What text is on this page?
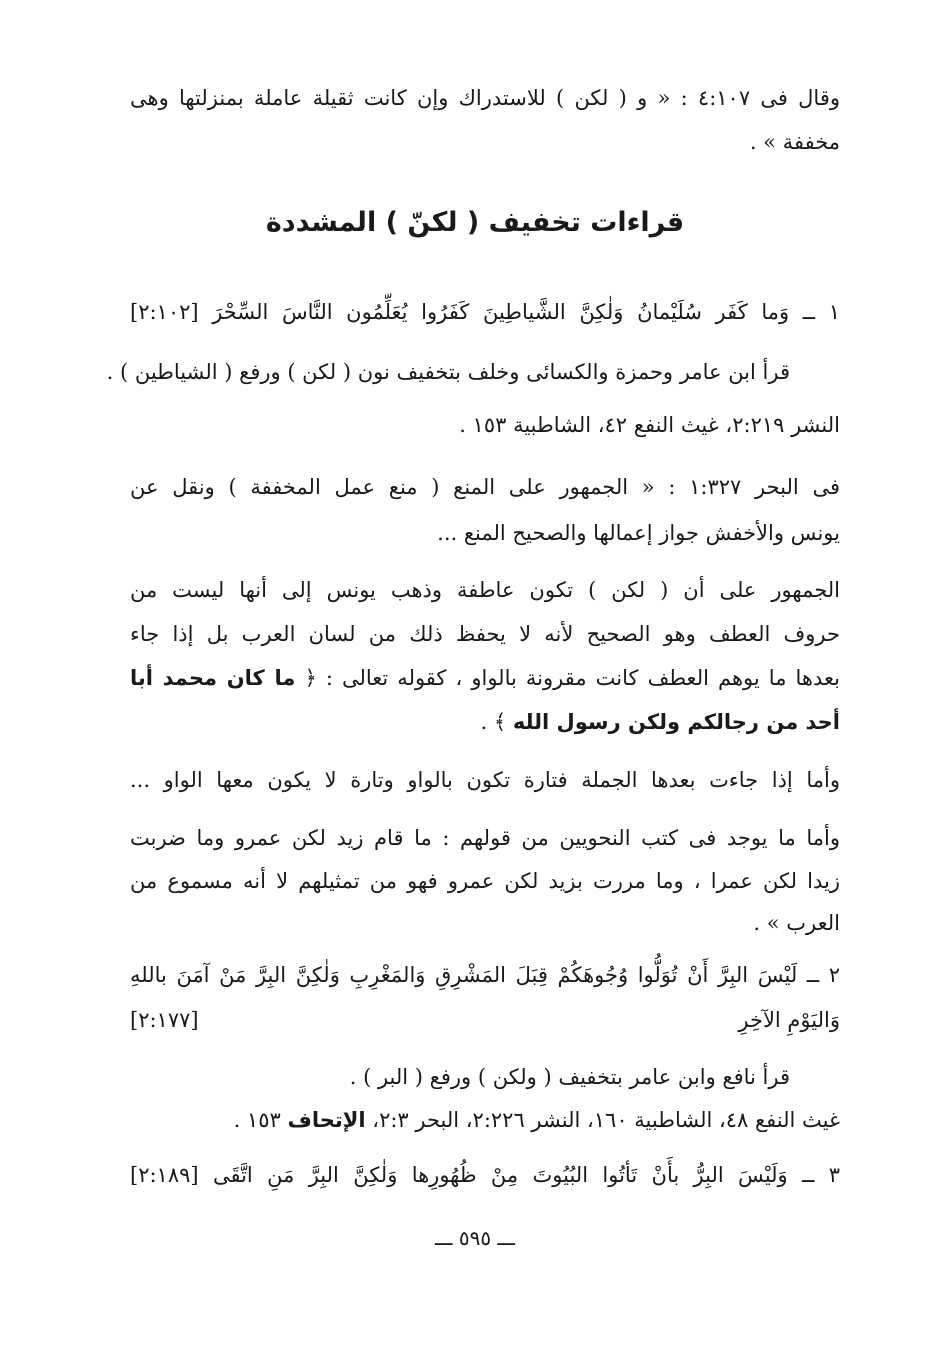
وقال فى ٤:١٠٧ : « و ( لكن ) للاستدراك وإن كانت ثقيلة عاملة بمنزلتها وهى
مخففة » .
قراءات تخفيف ( لكنّ ) المشددة
١ ــ وَما كَفَر سُلَيْمانُ وَلٰكِنَّ الشَّياطِينَ كَفَرُوا يُعَلِّمُون النَّاسَ السِّحْرَ [٢:١٠٢]
قرأ ابن عامر وحمزة والكسائى وخلف بتخفيف نون ( لكن ) ورفع ( الشياطين ) .
النشر ٢:٢١٩، غيث النفع ٤٢، الشاطبية ١٥٣ .
فى البحر ١:٣٢٧ : « الجمهور على المنع ( منع عمل المخففة ) ونقل عن
يونس والأخفش جواز إعمالها والصحيح المنع ...
الجمهور على أن ( لكن ) تكون عاطفة وذهب يونس إلى أنها ليست من
حروف العطف وهو الصحيح لأنه لا يحفظ ذلك من لسان العرب بل إذا جاء
بعدها ما يوهم العطف كانت مقرونة بالواو ، كقوله تعالى : ﴿ ما كان محمد أبا
أحد من رجالكم ولكن رسول الله ﴾ .
وأما إذا جاءت بعدها الجملة فتارة تكون بالواو وتارة لا يكون معها الواو ...
وأما ما يوجد فى كتب النحويين من قولهم : ما قام زيد لكن عمرو وما ضربت
زيدا لكن عمرا ، وما مررت بزيد لكن عمرو فهو من تمثيلهم لا أنه مسموع من
العرب » .
٢ ــ لَيْسَ البِرَّ أَنْ تُوَلُّوا وُجُوهَكُمْ قِبَلَ المَشْرِقِ وَالمَغْرِبِ وَلٰكِنَّ البِرَّ مَنْ آمَنَ باللهِ
وَاليَوْمِ الآخِرِ
[٢:١٧٧]
قرأ نافع وابن عامر بتخفيف ( ولكن ) ورفع ( البر ) .
غيث النفع ٤٨، الشاطبية ١٦٠، النشر ٢:٢٢٦، البحر ٢:٣، الإتحاف ١٥٣ .
٣ ــ وَلَيْسَ البِرُّ بأَنْ تَأتُوا البُيُوتَ مِنْ ظُهُورِها وَلٰكِنَّ البِرَّ مَنِ اتَّقَى [٢:١٨٩]
ـــ ٥٩٥ ـــ
